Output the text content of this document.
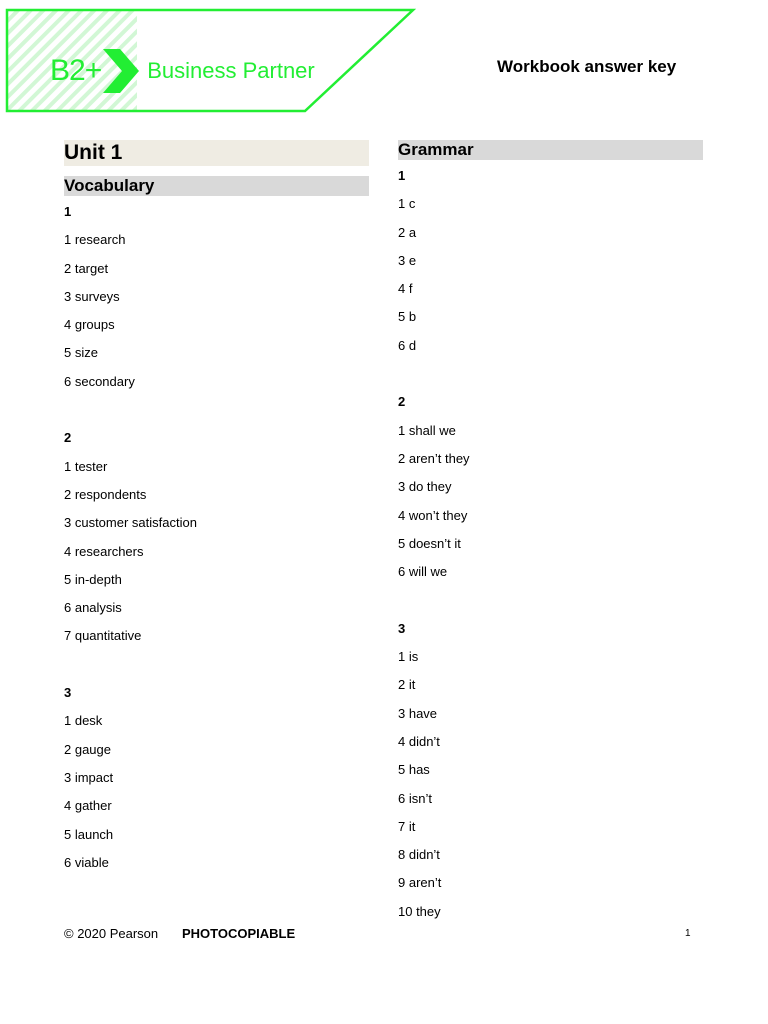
B2+ Business Partner	Workbook answer key
Unit 1
Vocabulary
1
1 research
2 target
3 surveys
4 groups
5 size
6 secondary
2
1 tester
2 respondents
3 customer satisfaction
4 researchers
5 in-depth
6 analysis
7 quantitative
3
1 desk
2 gauge
3 impact
4 gather
5 launch
6 viable
Grammar
1
1 c
2 a
3 e
4 f
5 b
6 d
2
1 shall we
2 aren’t they
3 do they
4 won’t they
5 doesn’t it
6 will we
3
1 is
2 it
3 have
4 didn’t
5 has
6 isn’t
7 it
8 didn’t
9 aren’t
10 they
© 2020 Pearson PHOTOCOPIABLE	1
